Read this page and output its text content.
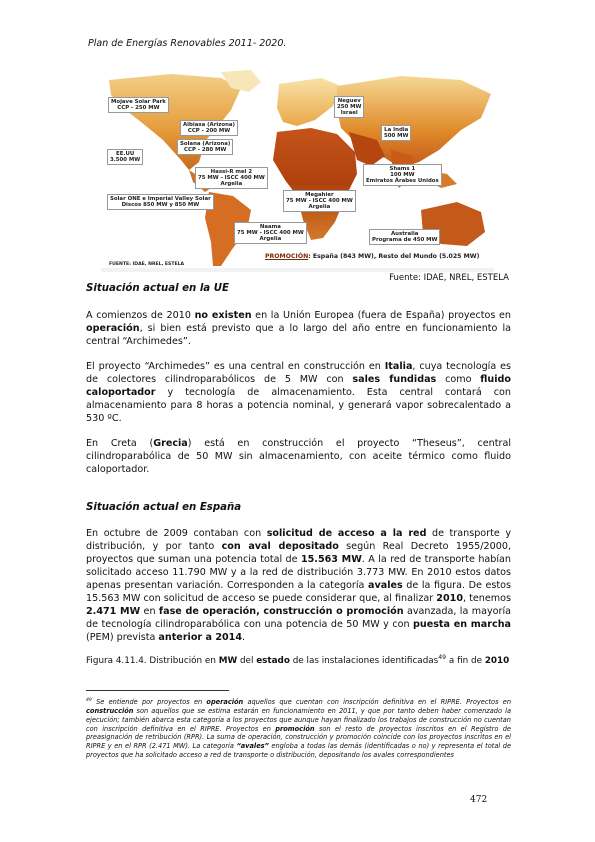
Plan de Energías Renovables 2011- 2020.
Mojave Solar Park
CCP - 250 MW
Albiasa (Arizona)
CCP - 200 MW
Solana (Arizona)
CCP - 280 MW
EE.UU
3.500 MW
Solar ONE e Imperial Valley Solar
Discos 850 MW y 850 MW
Neguev
250 MW
Israel
La India
500 MW
Hassi-R mel 2
75 MW - ISCC 400 MW
Argelia
Shams 1
100 MW
Emiratos Árabes Unidos
Megahier
75 MW - ISCC 400 MW
Argelia
Naama
75 MW - ISCC 400 MW
Argelia
Australia
Programa de 450 MW
FUENTE: IDAE, NREL, ESTELA
PROMOCIÓN: España (843 MW), Resto del Mundo (5.025 MW)
Fuente: IDAE, NREL, ESTELA
Situación actual en la UE

A comienzos de 2010 no existen en la Unión Europea (fuera de España) proyectos en operación, si bien está previsto que a lo largo del año entre en funcionamiento la central “Archimedes”.

El proyecto “Archimedes” es una central en construcción en Italia, cuya tecnología es de colectores cilindroparabólicos de 5 MW con sales fundidas como fluido caloportador y tecnología de almacenamiento. Esta central contará con almacenamiento para 8 horas a potencia nominal, y generará vapor sobrecalentado a 530 ºC.

En Creta (Grecia) está en construcción el proyecto “Theseus”, central cilindroparabólica de 50 MW sin almacenamiento, con aceite térmico como fluido caloportador.

Situación actual en España

En octubre de 2009 contaban con solicitud de acceso a la red de transporte y distribución, y por tanto con aval depositado según Real Decreto 1955/2000, proyectos que suman una potencia total de 15.563 MW. A la red de transporte habían solicitado acceso 11.790 MW y a la red de distribución 3.773 MW. En 2010 estos datos apenas presentan variación. Corresponden a la categoría avales de la figura. De estos 15.563 MW con solicitud de acceso se puede considerar que, al finalizar 2010, tenemos 2.471 MW en fase de operación, construcción o promoción avanzada, la mayoría de tecnología cilindroparabólica con una potencia de 50 MW y con puesta en marcha (PEM) prevista anterior a 2014.

Figura 4.11.4. Distribución en MW del estado de las instalaciones identificadas$^{49}$ a fin de 2010
$^{49}$ Se entiende por proyectos en operación aquellos que cuentan con inscripción definitiva en el RIPRE. Proyectos en construcción son aquellos que se estima estarán en funcionamiento en 2011, y que por tanto deben haber comenzado la ejecución; también abarca esta categoría a los proyectos que aunque hayan finalizado los trabajos de construcción no cuentan con inscripción definitiva en el RIPRE. Proyectos en promoción son el resto de proyectos inscritos en el Registro de preasignación de retribución (RPR). La suma de operación, construcción y promoción coincide con los proyectos inscritos en el RIPRE y en el RPR (2.471 MW). La categoría “avales” engloba a todas las demás (identificadas o no) y representa el total de proyectos que ha solicitado acceso a red de transporte o distribución, depositando los avales correspondientes
472
